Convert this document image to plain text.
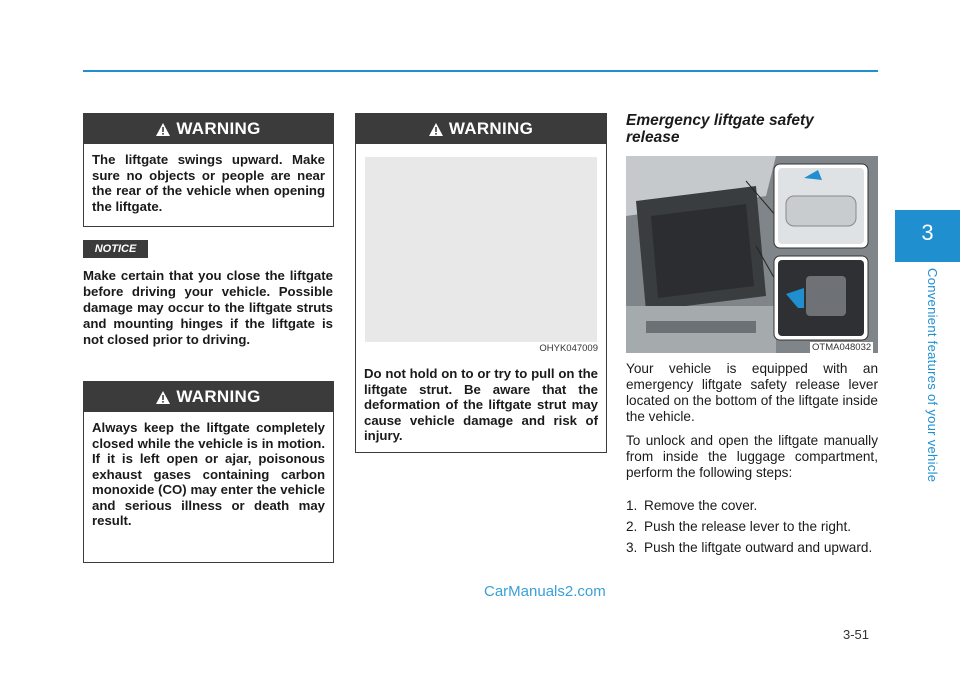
3
Convenient features of your vehicle
WARNING
The liftgate swings upward. Make sure no objects or people are near the rear of the vehicle when opening the liftgate.
NOTICE
Make certain that you close the liftgate before driving your vehicle. Possible damage may occur to the liftgate struts and mounting hinges if the liftgate is not closed prior to driving.
WARNING
Always keep the liftgate completely closed while the vehicle is in motion. If it is left open or ajar, poisonous exhaust gases containing carbon monoxide (CO) may enter the vehicle and serious illness or death may result.
WARNING
OHYK047009
Do not hold on to or try to pull on the liftgate strut. Be aware that the deformation of the liftgate strut may cause vehicle damage and risk of injury.
Emergency liftgate safety release
OTMA048032
Your vehicle is equipped with an emergency liftgate safety release lever located on the bottom of the liftgate inside the vehicle.
To unlock and open the liftgate manually from inside the luggage compartment, perform the following steps:
1. Remove the cover.
2. Push the release lever to the right.
3. Push the liftgate outward and upward.
CarManuals2.com
3-51
